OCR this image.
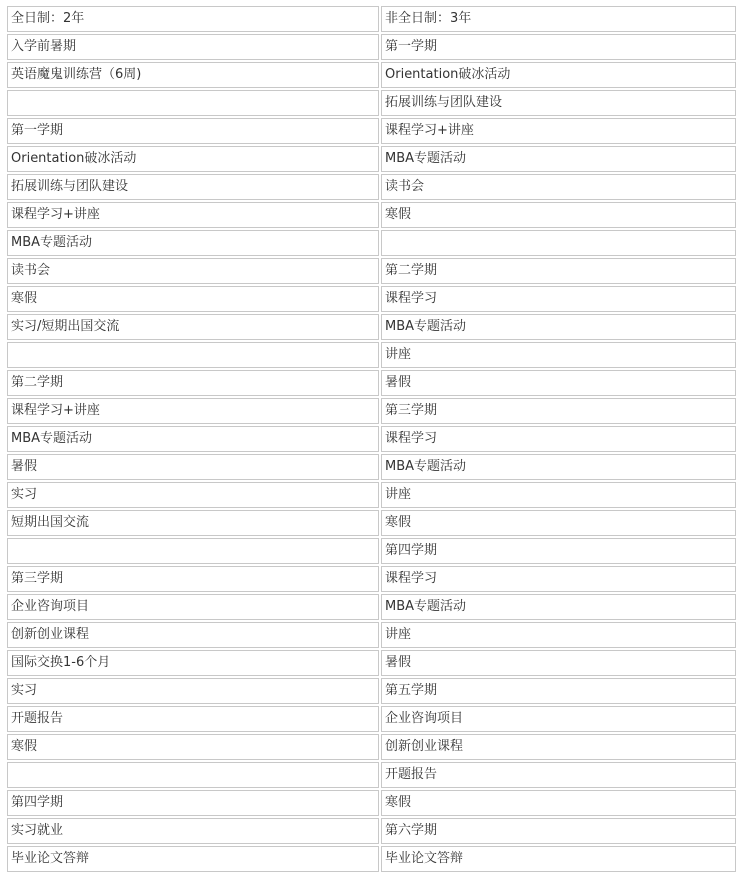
全日制：2年	非全日制：3年
入学前暑期	第一学期
英语魔鬼训练营（6周)	Orientation破冰活动
	拓展训练与团队建设
第一学期	课程学习+讲座
Orientation破冰活动	MBA专题活动
拓展训练与团队建设	读书会
课程学习+讲座	寒假
MBA专题活动	
读书会	第二学期
寒假	课程学习
实习/短期出国交流	MBA专题活动
	讲座
第二学期	暑假
课程学习+讲座	第三学期
MBA专题活动	课程学习
暑假	MBA专题活动
实习	讲座
短期出国交流	寒假
	第四学期
第三学期	课程学习
企业咨询项目	MBA专题活动
创新创业课程	讲座
国际交换1-6个月	暑假
实习	第五学期
开题报告	企业咨询项目
寒假	创新创业课程
	开题报告
第四学期	寒假
实习就业	第六学期
毕业论文答辩	毕业论文答辩
